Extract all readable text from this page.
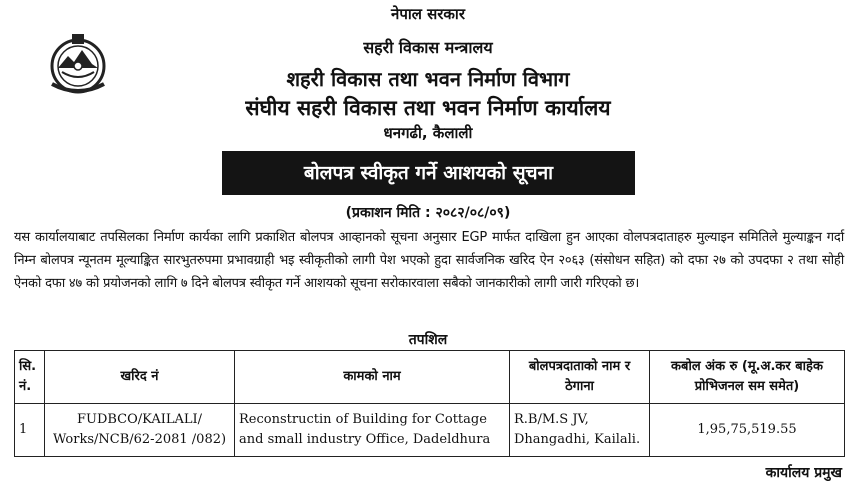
नेपाल सरकार
सहरी विकास मन्त्रालय
शहरी विकास तथा भवन निर्माण विभाग
संघीय सहरी विकास तथा भवन निर्माण कार्यालय
धनगढी, कैलाली
बोलपत्र स्वीकृत गर्ने आशयको सूचना
(प्रकाशन मिति : २०८२/०८/०९)
यस कार्यालयाबाट तपसिलका निर्माण कार्यका लागि प्रकाशित बोलपत्र आव्हानको सूचना अनुसार EGP मार्फत दाखिला हुन आएका वोलपत्रदाताहरु मुल्याइन समितिले मुल्याङ्कन गर्दा निम्न बोलपत्र न्यूनतम मूल्याङ्कित सारभुतरुपमा प्रभावग्राही भइ स्वीकृतीको लागी पेश भएको हुदा सार्वजनिक खरिद ऐन २०६३ (संसोधन सहित) को दफा २७ को उपदफा २ तथा सोही ऐनको दफा ४७ को प्रयोजनको लागि ७ दिने बोलपत्र स्वीकृत गर्ने आशयको सूचना सरोकारवाला सबैको जानकारीको लागी जारी गरिएको छ।
तपशिल
सि. नं.	खरिद नं	कामको नाम	बोलपत्रदाताको नाम र ठेगाना	कबोल अंक रु (मू.अ.कर बाहेक प्रोभिजनल सम समेत)
1	FUDBCO/KAILALI/ Works/NCB/62-2081 /082)	Reconstructin of Building for Cottage and small industry Office, Dadeldhura	R.B/M.S JV, Dhangadhi, Kailali.	1,95,75,519.55
कार्यालय प्रमुख
